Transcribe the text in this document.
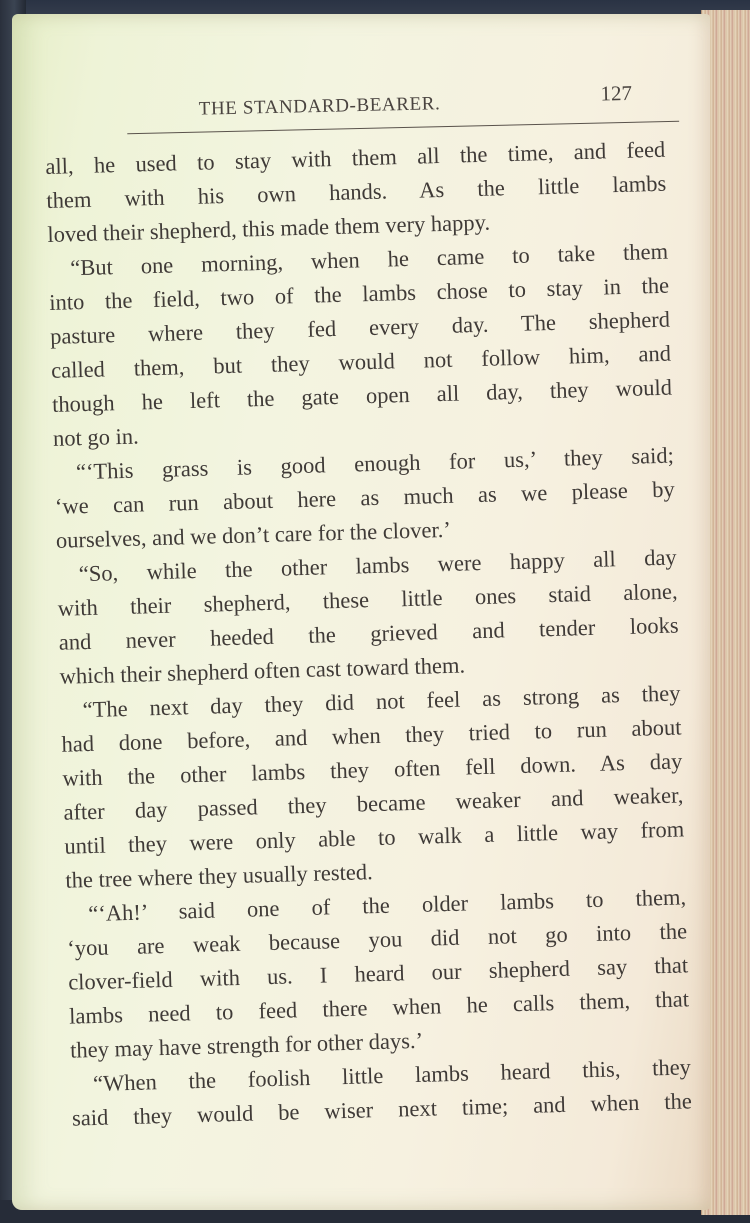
THE STANDARD-BEARER.	127
all, he used to stay with them all the time, and feed
them with his own hands. As the little lambs
loved their shepherd, this made them very happy.
“But one morning, when he came to take them
into the field, two of the lambs chose to stay in the
pasture where they fed every day. The shepherd
called them, but they would not follow him, and
though he left the gate open all day, they would
not go in.
“‘This grass is good enough for us,’ they said;
‘we can run about here as much as we please by
ourselves, and we don’t care for the clover.’
“So, while the other lambs were happy all day
with their shepherd, these little ones staid alone,
and never heeded the grieved and tender looks
which their shepherd often cast toward them.
“The next day they did not feel as strong as they
had done before, and when they tried to run about
with the other lambs they often fell down. As day
after day passed they became weaker and weaker,
until they were only able to walk a little way from
the tree where they usually rested.
“‘Ah!’ said one of the older lambs to them,
‘you are weak because you did not go into the
clover-field with us. I heard our shepherd say that
lambs need to feed there when he calls them, that
they may have strength for other days.’
“When the foolish little lambs heard this, they
said they would be wiser next time; and when the
